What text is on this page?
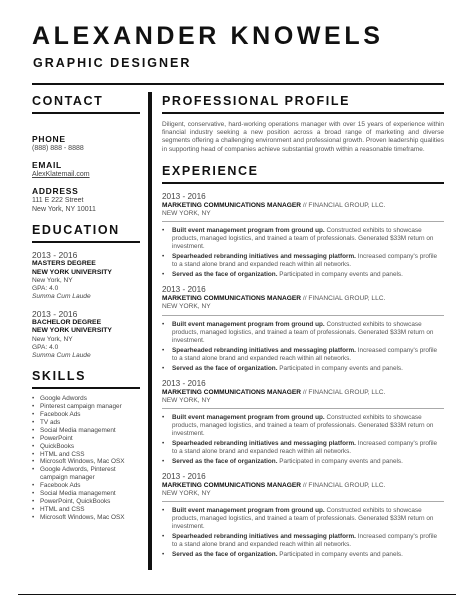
ALEXANDER KNOWELS
GRAPHIC DESIGNER
CONTACT
PHONE
(888) 888 - 8888
EMAIL
AlexKlatemail.com
ADDRESS
111 E 222 Street
New York, NY 10011
EDUCATION
2013 - 2016
MASTERS DEGREE
NEW YORK UNIVERSITY
New York, NY
GPA: 4.0
Summa Cum Laude
2013 - 2016
BACHELOR DEGREE
NEW YORK UNIVERSITY
New York, NY
GPA: 4.0
Summa Cum Laude
SKILLS
• Google Adwords
• Pinterest campaign manager
• Facebook Ads
• TV ads
• Social Media management
• PowerPoint
• QuickBooks
• HTML and CSS
• Microsoft Windows, Mac OSX
• Google Adwords, Pinterest campaign manager
• Facebook Ads
• Social Media management
• PowerPoint, QuickBooks
• HTML and CSS
• Microsoft Windows, Mac OSX
PROFESSIONAL PROFILE
Diligent, conservative, hard-working operations manager with over 15 years of experience within financial industry seeking a new position across a broad range of marketing and diverse segments offering a challenging environment and professional growth. Proven leadership qualities in supporting head of companies achieve substantial growth within a reasonable timeframe.
EXPERIENCE
2013 - 2016
MARKETING COMMUNICATIONS MANAGER // FINANCIAL GROUP, LLC.
NEW YORK, NY
• Built event management program from ground up. Constructed exhibits to showcase products, managed logistics, and trained a team of professionals. Generated $33M return on investment.
• Spearheaded rebranding initiatives and messaging platform. Increased company's profile to a stand alone brand and expanded reach within all networks.
• Served as the face of organization. Participated in company events and panels.
2013 - 2016
MARKETING COMMUNICATIONS MANAGER // FINANCIAL GROUP, LLC.
NEW YORK, NY
• Built event management program from ground up. Constructed exhibits to showcase products, managed logistics, and trained a team of professionals. Generated $33M return on investment.
• Spearheaded rebranding initiatives and messaging platform. Increased company's profile to a stand alone brand and expanded reach within all networks.
• Served as the face of organization. Participated in company events and panels.
2013 - 2016
MARKETING COMMUNICATIONS MANAGER // FINANCIAL GROUP, LLC.
NEW YORK, NY
• Built event management program from ground up. Constructed exhibits to showcase products, managed logistics, and trained a team of professionals. Generated $33M return on investment.
• Spearheaded rebranding initiatives and messaging platform. Increased company's profile to a stand alone brand and expanded reach within all networks.
• Served as the face of organization. Participated in company events and panels.
2013 - 2016
MARKETING COMMUNICATIONS MANAGER // FINANCIAL GROUP, LLC.
NEW YORK, NY
• Built event management program from ground up. Constructed exhibits to showcase products, managed logistics, and trained a team of professionals. Generated $33M return on investment.
• Spearheaded rebranding initiatives and messaging platform. Increased company's profile to a stand alone brand and expanded reach within all networks.
• Served as the face of organization. Participated in company events and panels.
